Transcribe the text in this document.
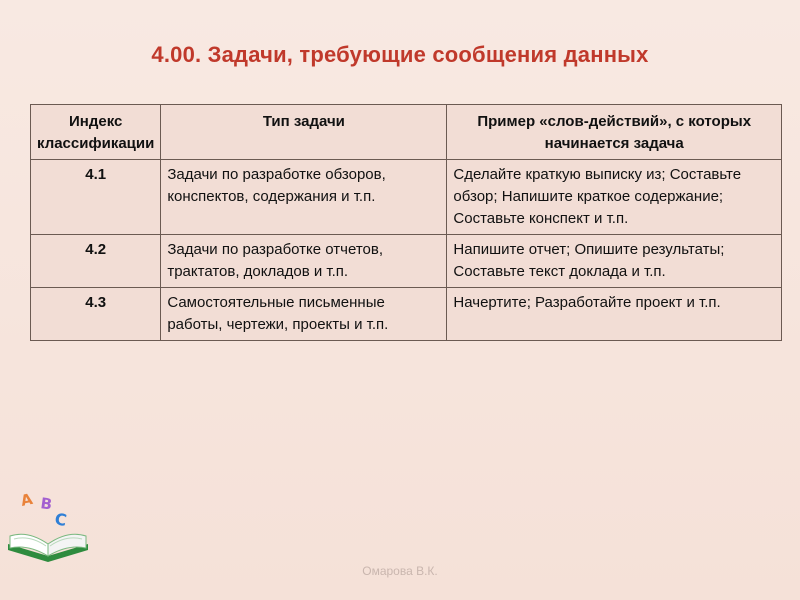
4.00. Задачи, требующие сообщения данных
Индекс классификации	Тип задачи	Пример «слов-действий», с которых начинается задача
4.1	Задачи по разработке обзоров, конспектов, содержания и т.п.	Сделайте краткую выписку из; Составьте обзор; Напишите краткое содержание; Составьте конспект и т.п.
4.2	Задачи по разработке отчетов, трактатов, докладов и т.п.	Напишите отчет; Опишите результаты; Составьте текст доклада и т.п.
4.3	Самостоятельные письменные работы, чертежи, проекты и т.п.	Начертите; Разработайте проект и т.п.
A B
C
Омарова В.К.
